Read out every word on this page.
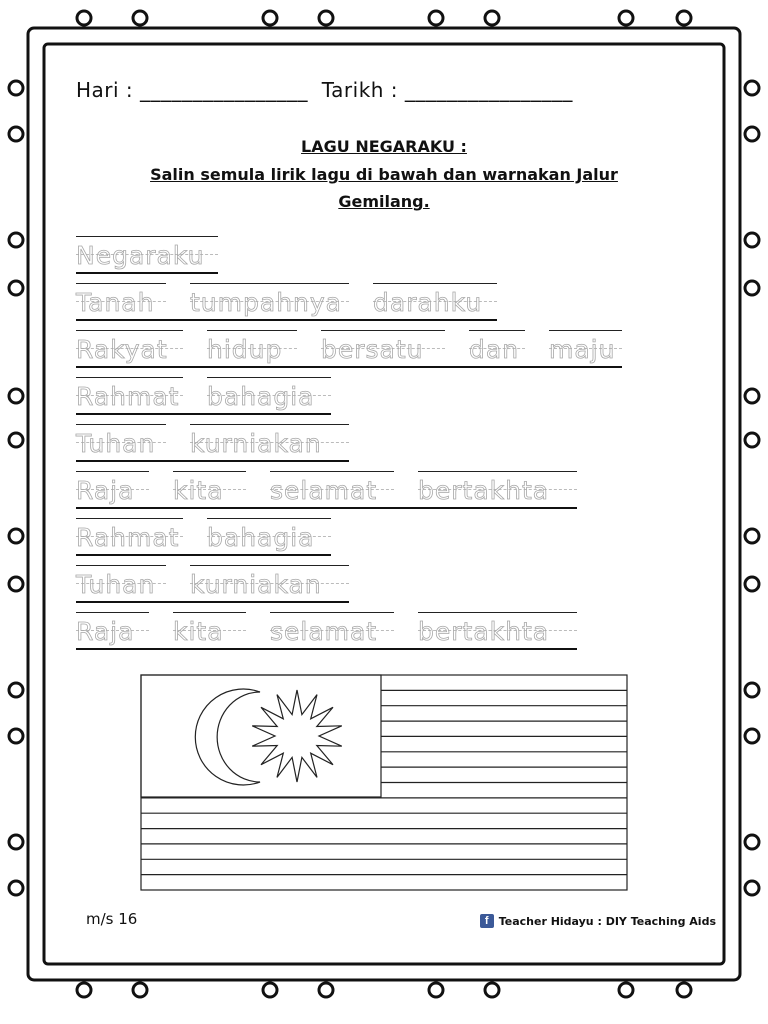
Hari : ________________ Tarikh : ________________
LAGU NEGARAKU :
Salin semula lirik lagu di bawah dan warnakan Jalur
Gemilang.
Negaraku
Tanah tumpahnya darahku
Rakyat hidup bersatu dan maju
Rahmat bahagia
Tuhan kurniakan
Raja kita selamat bertakhta
Rahmat bahagia
Tuhan kurniakan
Raja kita selamat bertakhta
m/s 16	f Teacher Hidayu : DIY Teaching Aids
